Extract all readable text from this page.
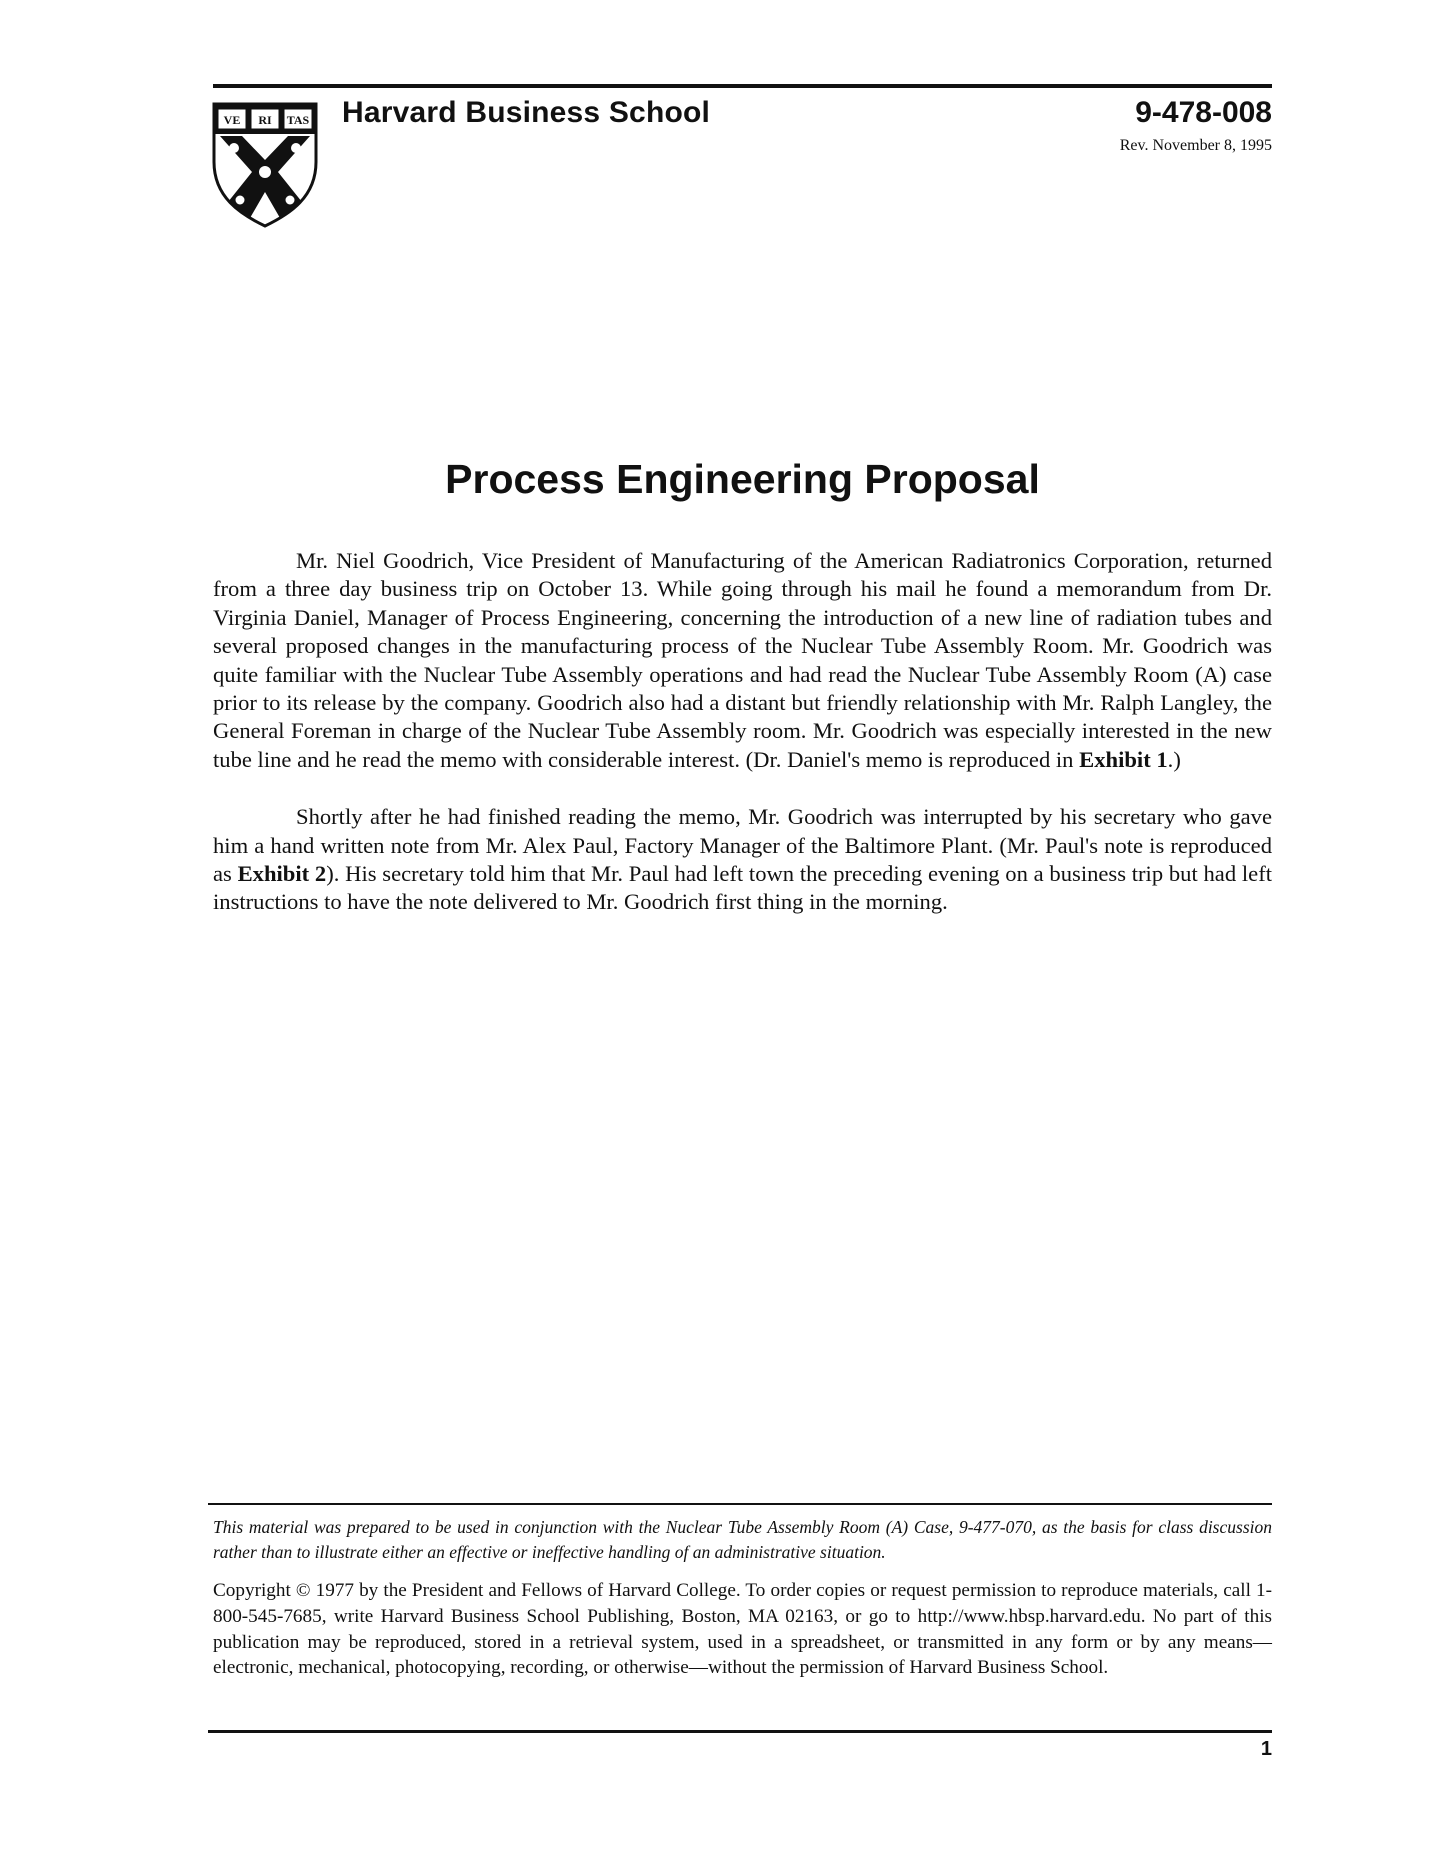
VE RI TAS Harvard Business School	9-478-008
Rev. November 8, 1995
Process Engineering Proposal

Mr. Niel Goodrich, Vice President of Manufacturing of the American Radiatronics Corporation, returned from a three day business trip on October 13. While going through his mail he found a memorandum from Dr. Virginia Daniel, Manager of Process Engineering, concerning the introduction of a new line of radiation tubes and several proposed changes in the manufacturing process of the Nuclear Tube Assembly Room. Mr. Goodrich was quite familiar with the Nuclear Tube Assembly operations and had read the Nuclear Tube Assembly Room (A) case prior to its release by the company. Goodrich also had a distant but friendly relationship with Mr. Ralph Langley, the General Foreman in charge of the Nuclear Tube Assembly room. Mr. Goodrich was especially interested in the new tube line and he read the memo with considerable interest. (Dr. Daniel's memo is reproduced in Exhibit 1.)

Shortly after he had finished reading the memo, Mr. Goodrich was interrupted by his secretary who gave him a hand written note from Mr. Alex Paul, Factory Manager of the Baltimore Plant. (Mr. Paul's note is reproduced as Exhibit 2). His secretary told him that Mr. Paul had left town the preceding evening on a business trip but had left instructions to have the note delivered to Mr. Goodrich first thing in the morning.

This material was prepared to be used in conjunction with the Nuclear Tube Assembly Room (A) Case, 9-477-070, as the basis for class discussion rather than to illustrate either an effective or ineffective handling of an administrative situation.
Copyright © 1977 by the President and Fellows of Harvard College. To order copies or request permission to reproduce materials, call 1-800-545-7685, write Harvard Business School Publishing, Boston, MA 02163, or go to http://www.hbsp.harvard.edu. No part of this publication may be reproduced, stored in a retrieval system, used in a spreadsheet, or transmitted in any form or by any means—electronic, mechanical, photocopying, recording, or otherwise—without the permission of Harvard Business School.
1
